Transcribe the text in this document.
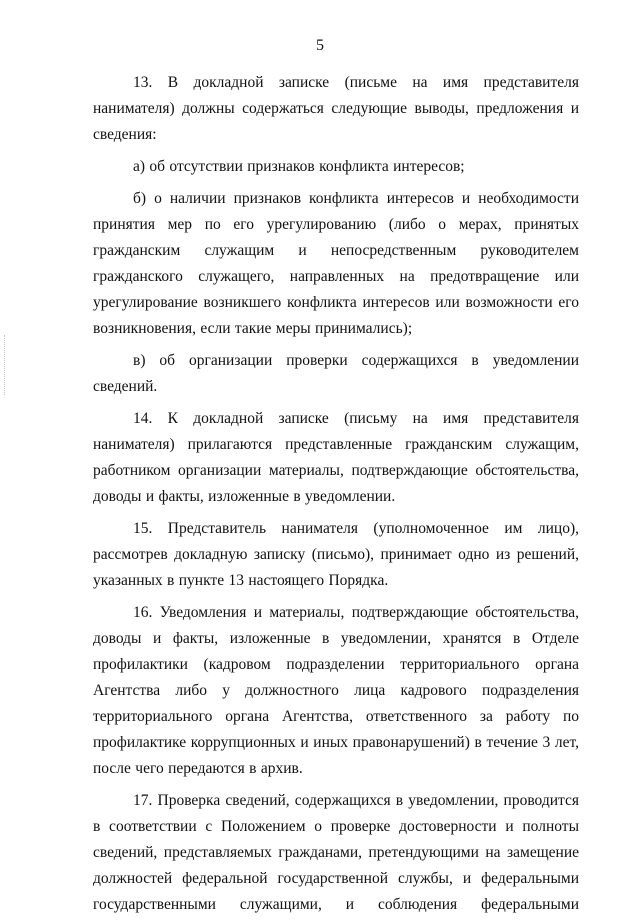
5

13. В докладной записке (письме на имя представителя нанимателя) должны содержаться следующие выводы, предложения и сведения:

а) об отсутствии признаков конфликта интересов;

б) о наличии признаков конфликта интересов и необходимости принятия мер по его урегулированию (либо о мерах, принятых гражданским служащим и непосредственным руководителем гражданского служащего, направленных на предотвращение или урегулирование возникшего конфликта интересов или возможности его возникновения, если такие меры принимались);

в) об организации проверки содержащихся в уведомлении сведений.

14. К докладной записке (письму на имя представителя нанимателя) прилагаются представленные гражданским служащим, работником организации материалы, подтверждающие обстоятельства, доводы и факты, изложенные в уведомлении.

15. Представитель нанимателя (уполномоченное им лицо), рассмотрев докладную записку (письмо), принимает одно из решений, указанных в пункте 13 настоящего Порядка.

16. Уведомления и материалы, подтверждающие обстоятельства, доводы и факты, изложенные в уведомлении, хранятся в Отделе профилактики (кадровом подразделении территориального органа Агентства либо у должностного лица кадрового подразделения территориального органа Агентства, ответственного за работу по профилактике коррупционных и иных правонарушений) в течение 3 лет, после чего передаются в архив.

17. Проверка сведений, содержащихся в уведомлении, проводится в соответствии с Положением о проверке достоверности и полноты сведений, представляемых гражданами, претендующими на замещение должностей федеральной государственной службы, и федеральными государственными служащими, и соблюдения федеральными
